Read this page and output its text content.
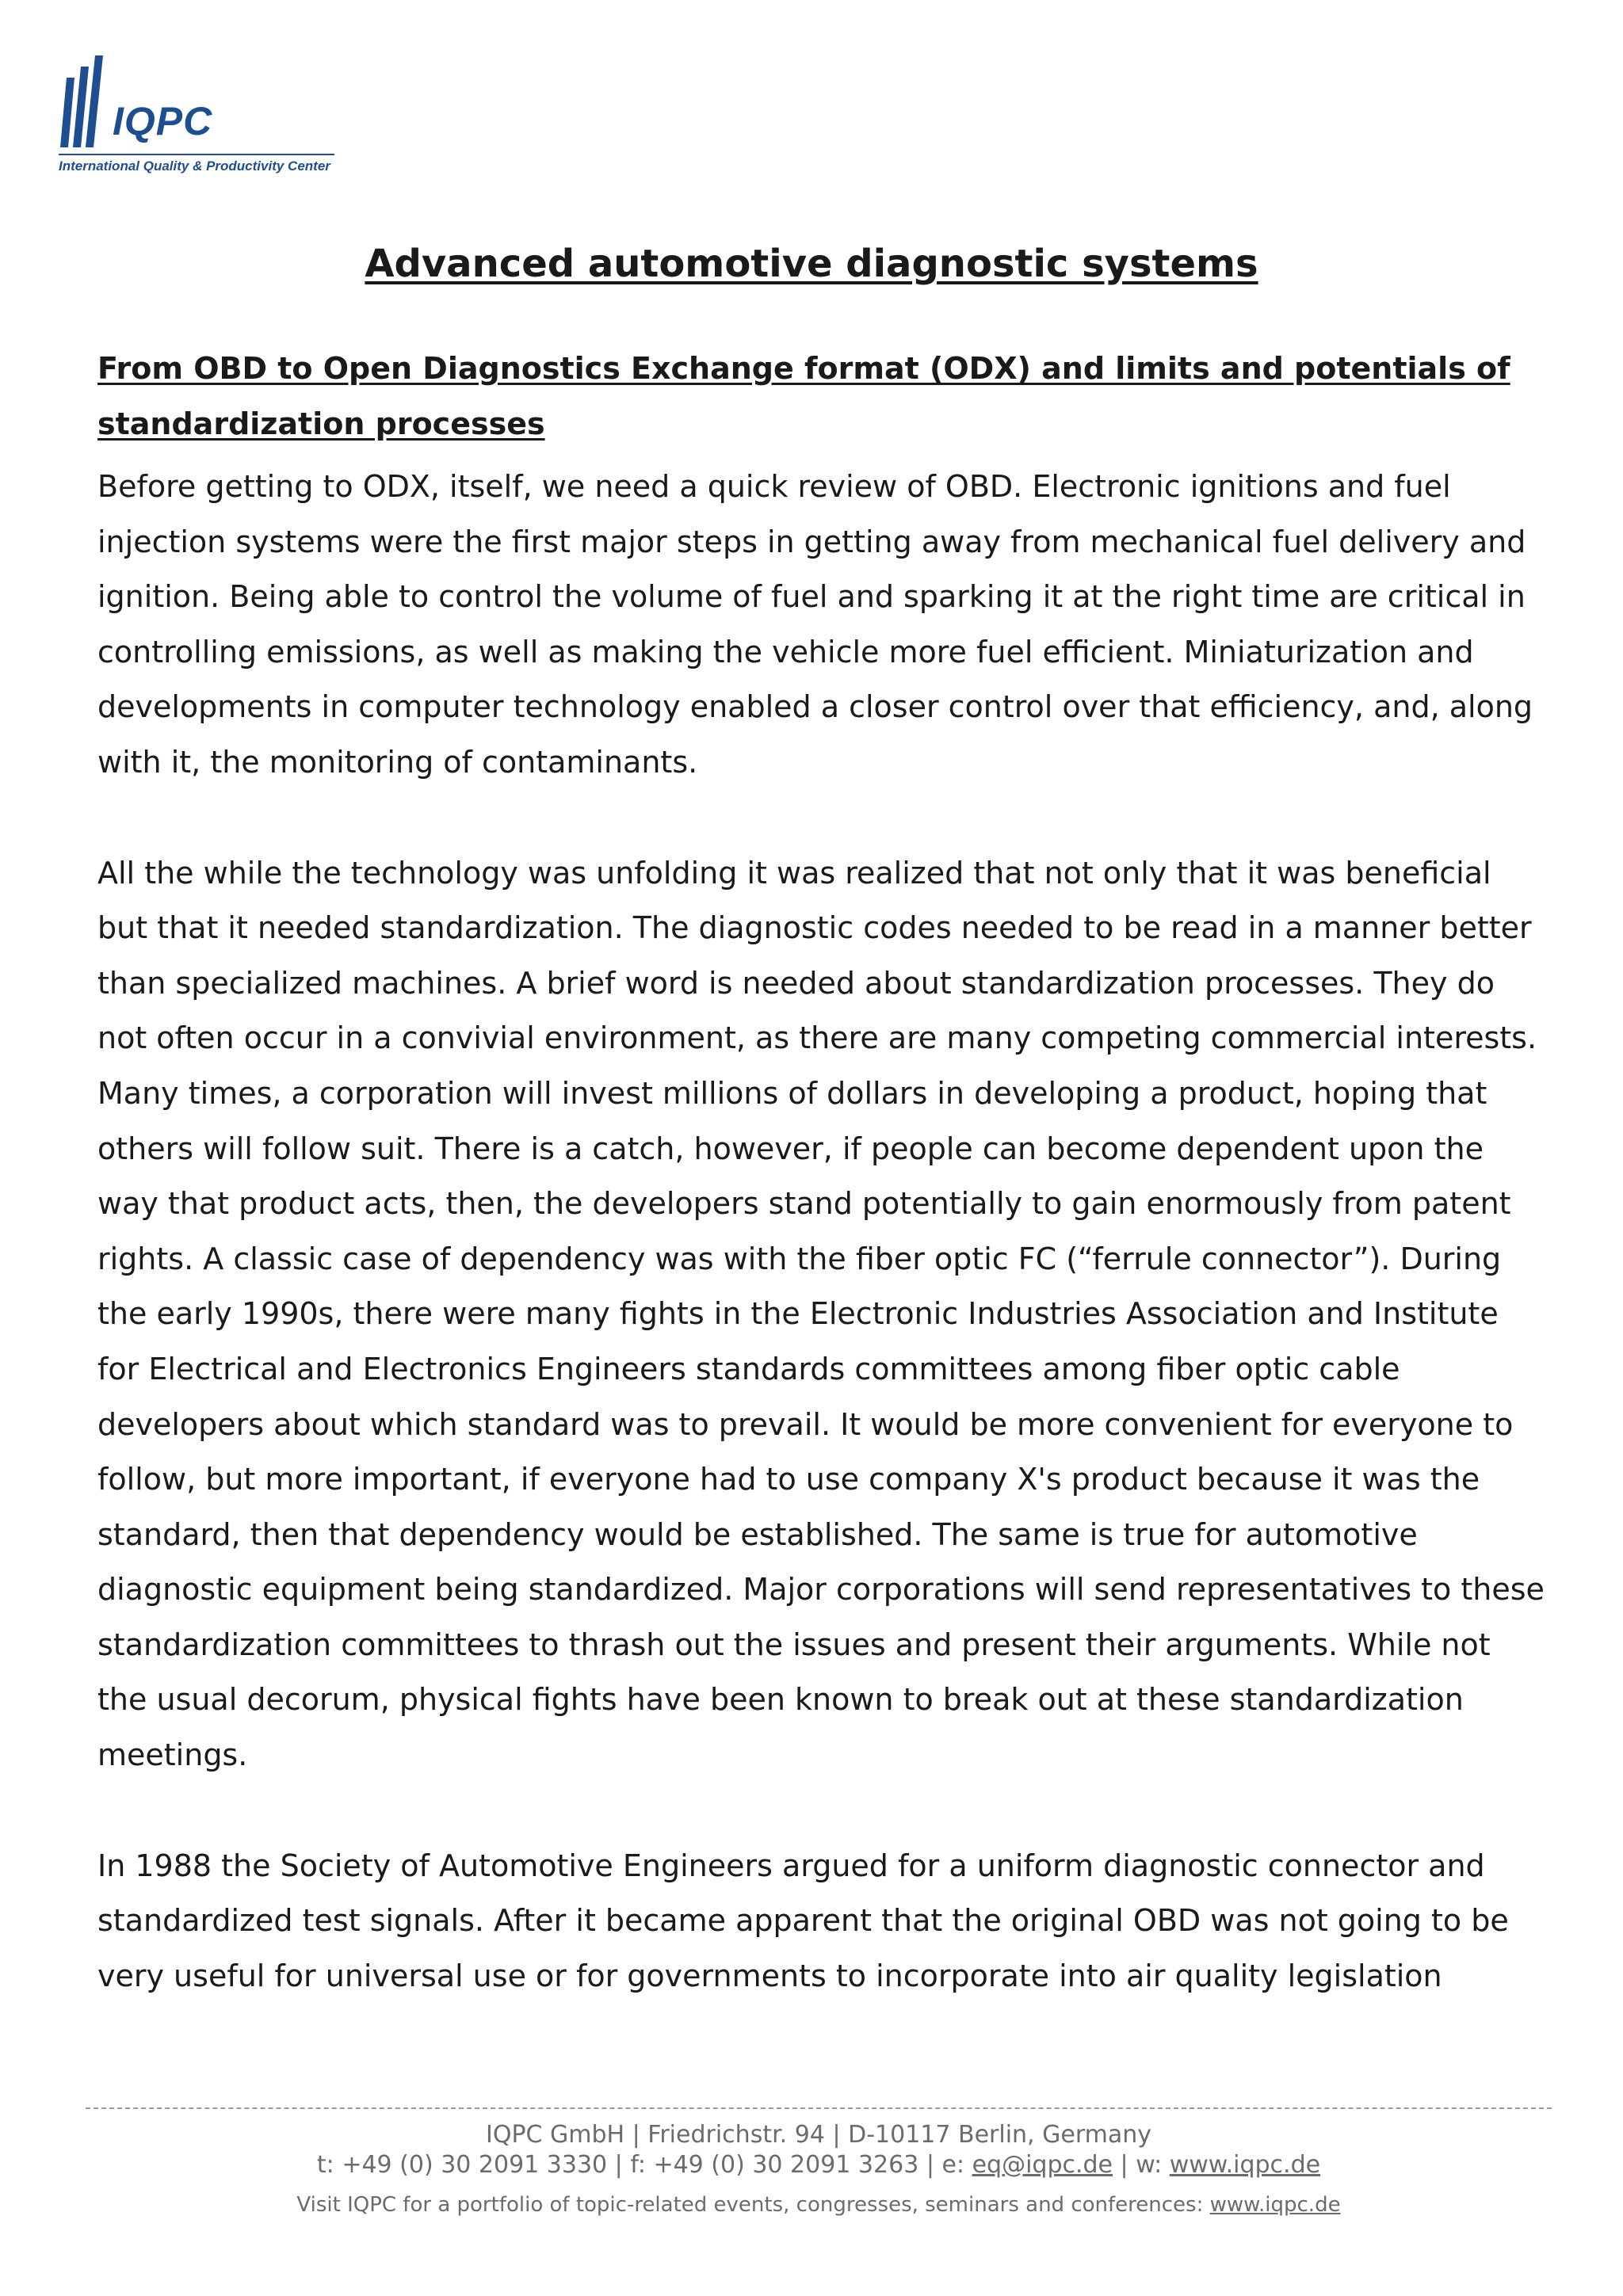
IQPC
International Quality & Productivity Center
Advanced automotive diagnostic systems

From OBD to Open Diagnostics Exchange format (ODX) and limits and potentials of standardization processes

Before getting to ODX, itself, we need a quick review of OBD. Electronic ignitions and fuel injection systems were the first major steps in getting away from mechanical fuel delivery and ignition. Being able to control the volume of fuel and sparking it at the right time are critical in controlling emissions, as well as making the vehicle more fuel efficient. Miniaturization and developments in computer technology enabled a closer control over that efficiency, and, along with it, the monitoring of contaminants.

All the while the technology was unfolding it was realized that not only that it was beneficial but that it needed standardization. The diagnostic codes needed to be read in a manner better than specialized machines. A brief word is needed about standardization processes. They do not often occur in a convivial environment, as there are many competing commercial interests. Many times, a corporation will invest millions of dollars in developing a product, hoping that others will follow suit. There is a catch, however, if people can become dependent upon the way that product acts, then, the developers stand potentially to gain enormously from patent rights. A classic case of dependency was with the fiber optic FC (“ferrule connector”). During the early 1990s, there were many fights in the Electronic Industries Association and Institute for Electrical and Electronics Engineers standards committees among fiber optic cable developers about which standard was to prevail. It would be more convenient for everyone to follow, but more important, if everyone had to use company X's product because it was the standard, then that dependency would be established. The same is true for automotive diagnostic equipment being standardized. Major corporations will send representatives to these standardization committees to thrash out the issues and present their arguments. While not the usual decorum, physical fights have been known to break out at these standardization meetings.

In 1988 the Society of Automotive Engineers argued for a uniform diagnostic connector and standardized test signals. After it became apparent that the original OBD was not going to be very useful for universal use or for governments to incorporate into air quality legislation

IQPC GmbH | Friedrichstr. 94 | D-10117 Berlin, Germany
t: +49 (0) 30 2091 3330 | f: +49 (0) 30 2091 3263 | e: eq@iqpc.de | w: www.iqpc.de
Visit IQPC for a portfolio of topic-related events, congresses, seminars and conferences: www.iqpc.de
